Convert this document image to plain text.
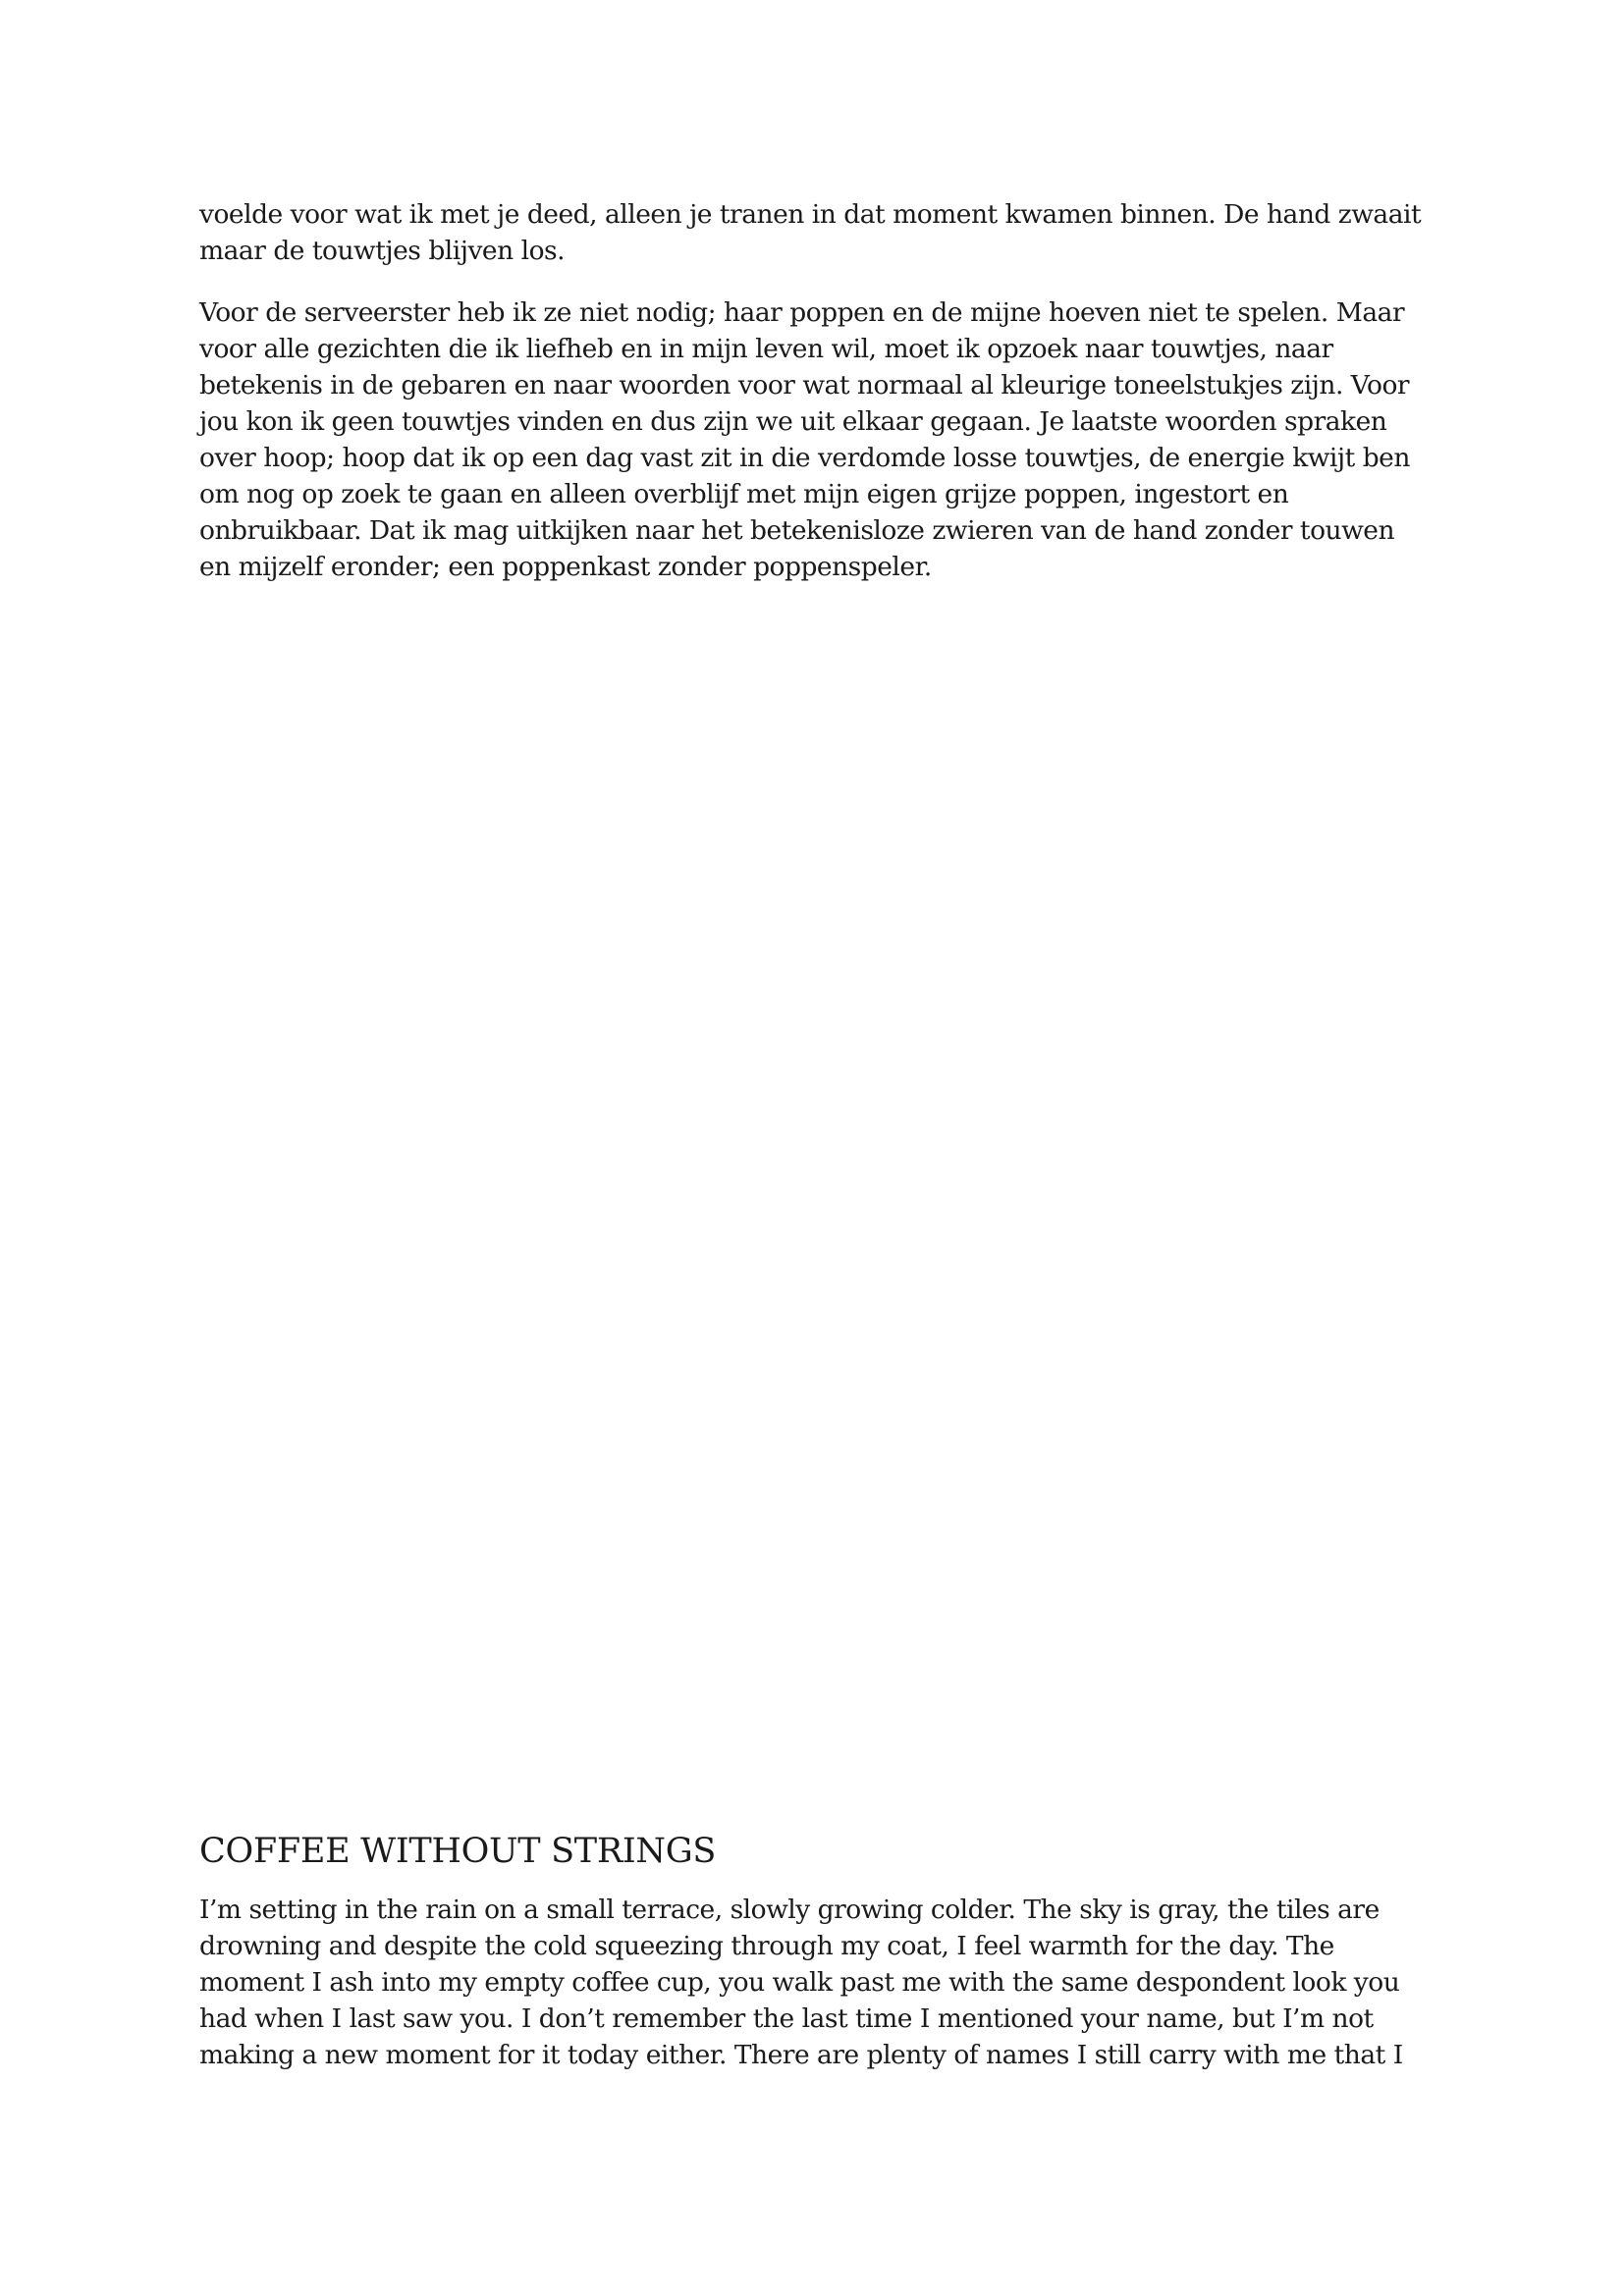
voelde voor wat ik met je deed, alleen je tranen in dat moment kwamen binnen. De hand zwaait
maar de touwtjes blijven los.
Voor de serveerster heb ik ze niet nodig; haar poppen en de mijne hoeven niet te spelen. Maar
voor alle gezichten die ik liefheb en in mijn leven wil, moet ik opzoek naar touwtjes, naar
betekenis in de gebaren en naar woorden voor wat normaal al kleurige toneelstukjes zijn. Voor
jou kon ik geen touwtjes vinden en dus zijn we uit elkaar gegaan. Je laatste woorden spraken
over hoop; hoop dat ik op een dag vast zit in die verdomde losse touwtjes, de energie kwijt ben
om nog op zoek te gaan en alleen overblijf met mijn eigen grijze poppen, ingestort en
onbruikbaar. Dat ik mag uitkijken naar het betekenisloze zwieren van de hand zonder touwen
en mijzelf eronder; een poppenkast zonder poppenspeler.
COFFEE WITHOUT STRINGS
I’m setting in the rain on a small terrace, slowly growing colder. The sky is gray, the tiles are
drowning and despite the cold squeezing through my coat, I feel warmth for the day. The
moment I ash into my empty coffee cup, you walk past me with the same despondent look you
had when I last saw you. I don’t remember the last time I mentioned your name, but I’m not
making a new moment for it today either. There are plenty of names I still carry with me that I
